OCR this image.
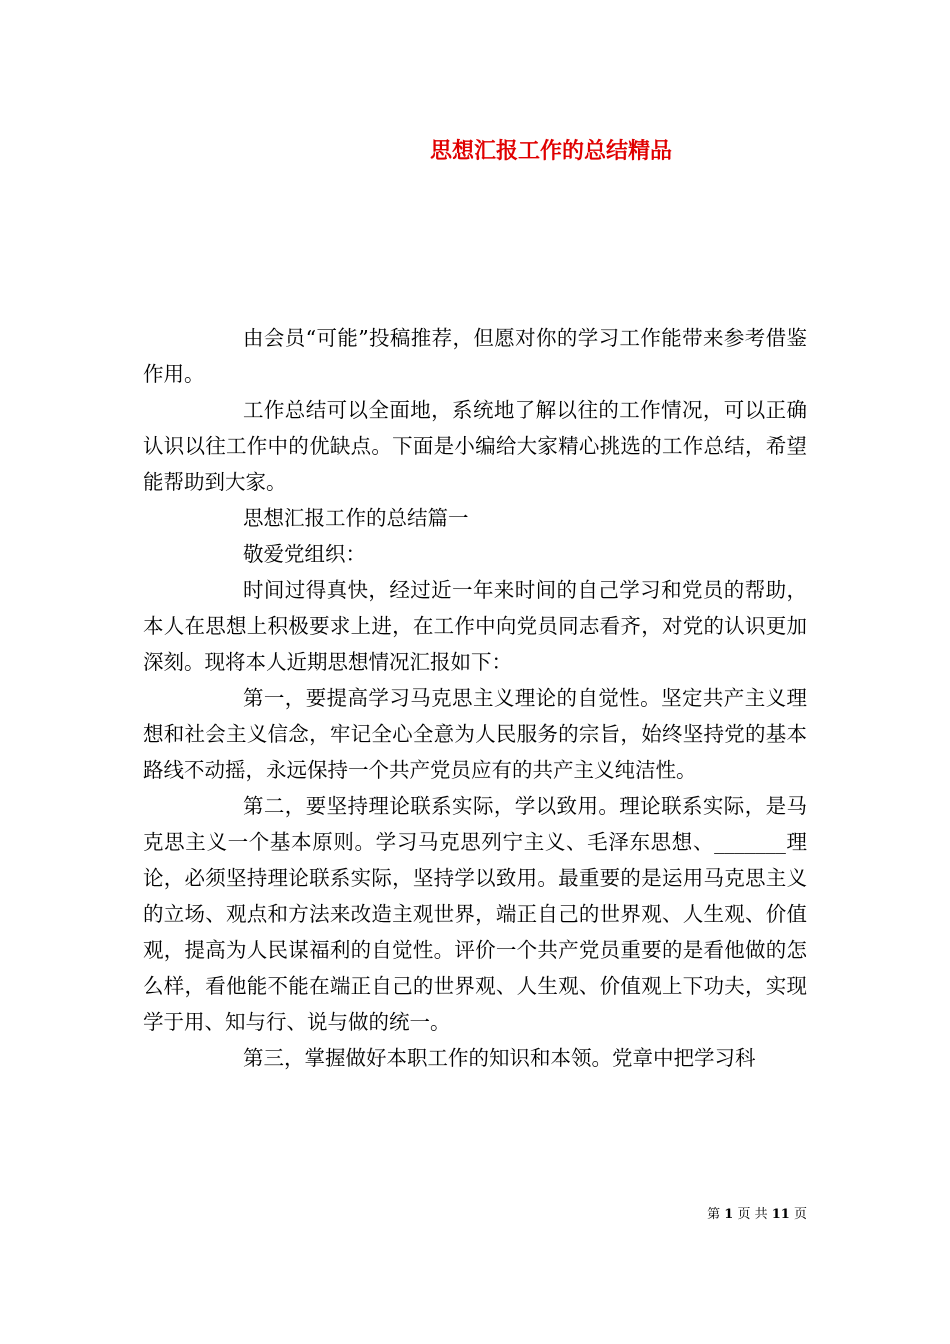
思想汇报工作的总结精品

由会员“可能”投稿推荐，但愿对你的学习工作能带来参考借鉴作用。

工作总结可以全面地，系统地了解以往的工作情况，可以正确认识以往工作中的优缺点。下面是小编给大家精心挑选的工作总结，希望能帮助到大家。

思想汇报工作的总结篇一

敬爱党组织：

时间过得真快，经过近一年来时间的自己学习和党员的帮助，本人在思想上积极要求上进，在工作中向党员同志看齐，对党的认识更加深刻。现将本人近期思想情况汇报如下：

第一，要提高学习马克思主义理论的自觉性。坚定共产主义理想和社会主义信念，牢记全心全意为人民服务的宗旨，始终坚持党的基本路线不动摇，永远保持一个共产党员应有的共产主义纯洁性。

第二，要坚持理论联系实际，学以致用。理论联系实际，是马克思主义一个基本原则。学习马克思列宁主义、毛泽东思想、_______理论，必须坚持理论联系实际，坚持学以致用。最重要的是运用马克思主义的立场、观点和方法来改造主观世界，端正自己的世界观、人生观、价值观，提高为人民谋福利的自觉性。评价一个共产党员重要的是看他做的怎么样，看他能不能在端正自己的世界观、人生观、价值观上下功夫，实现学于用、知与行、说与做的统一。

第三，掌握做好本职工作的知识和本领。党章中把学习科

第 1 页 共 11 页
